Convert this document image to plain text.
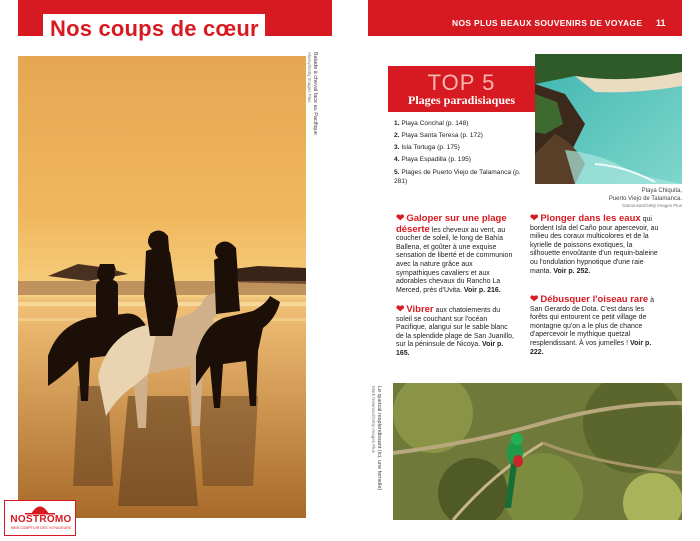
Nos coups de cœur	NOS PLUS BEAUX SOUVENIRS DE VOYAGE 11
Balade à cheval face au Pacifique
Alamy/Getty Images Plus	TOP 5
Plages paradisiaques
1. Playa Conchal (p. 148)
2. Playa Santa Teresa (p. 172)
3. Isla Tortuga (p. 175)
4. Playa Espadilla (p. 195)
5. Plages de Puerto Viejo de Talamanca (p. 281)
Playa Chiquita,
Puerto Viejo de Talamanca.
Damocean/Getty Images Plus
❤ Galoper sur une plage déserte les cheveux au vent, au coucher de soleil, le long de Bahía Ballena, et goûter à une exquise sensation de liberté et de communion avec la nature grâce aux sympathiques cavaliers et aux adorables chevaux du Rancho La Merced, près d'Uvita. Voir p. 216.
❤ Vibrer aux chatoiements du soleil se couchant sur l'océan Pacifique, alangui sur le sable blanc de la splendide plage de San Juanillo, sur la péninsule de Nicoya. Voir p. 165.
❤ Plonger dans les eaux qui bordent Isla del Caño pour apercevoir, au milieu des coraux multicolores et de la kyrielle de poissons exotiques, la silhouette envoûtante d'un requin-baleine ou l'ondulation hypnotique d'une raie manta. Voir p. 252.
❤ Débusquer l'oiseau rare à San Gerardo de Dota. C'est dans les forêts qui entourent ce petit village de montagne qu'on a le plus de chance d'apercevoir le mythique quetzal resplendissant. À vos jumelles ! Voir p. 222.
Le quetzal resplendissant (ici, une femelle)
Mark Newman/Getty Images Plus
NOSTROMO
WEB COMPTOIR DES VOYAGEURS
